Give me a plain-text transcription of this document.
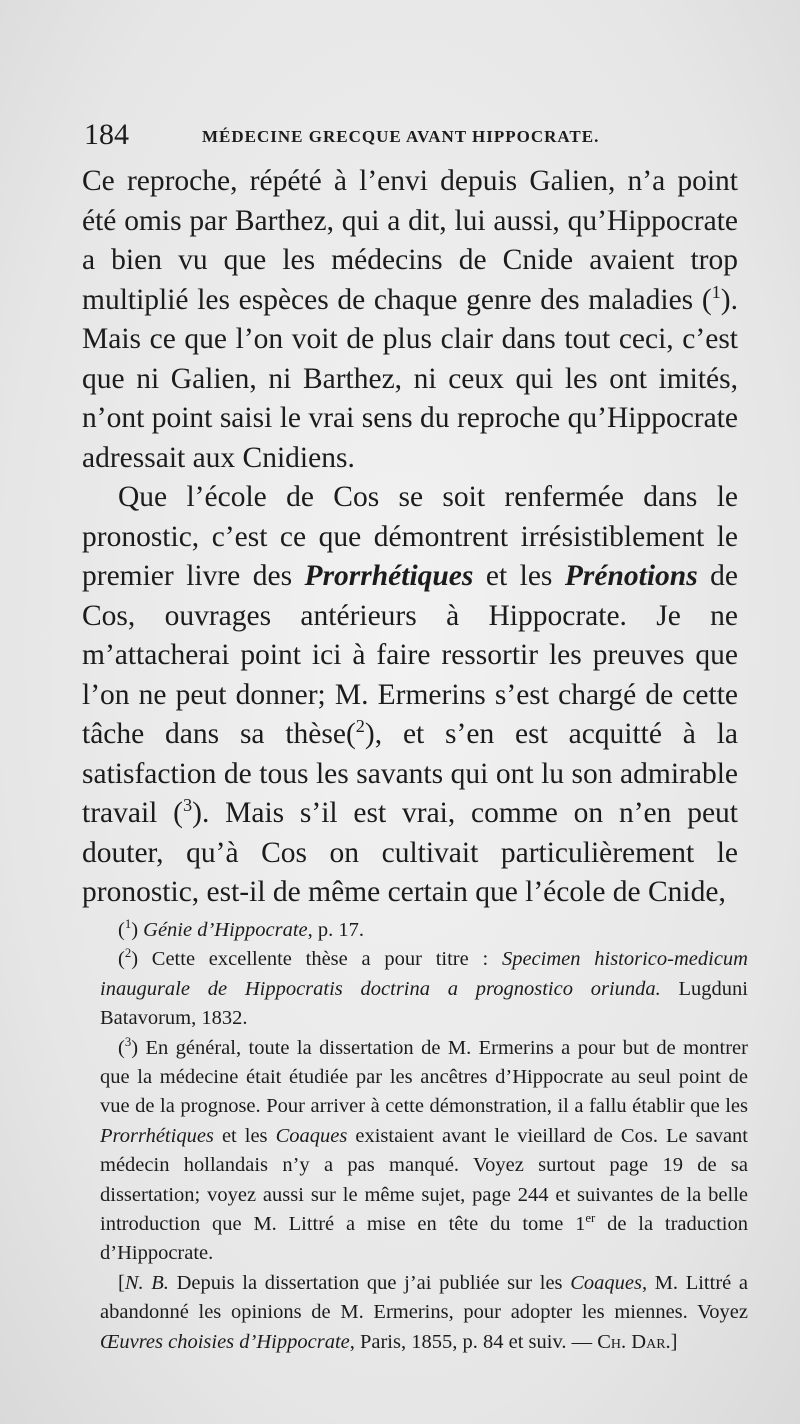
184	MÉDECINE GRECQUE AVANT HIPPOCRATE.

Ce reproche, répété à l’envi depuis Galien, n’a point été omis par Barthez, qui a dit, lui aussi, qu’Hippocrate a bien vu que les médecins de Cnide avaient trop multiplié les espèces de chaque genre des maladies ($^1$). Mais ce que l’on voit de plus clair dans tout ceci, c’est que ni Galien, ni Barthez, ni ceux qui les ont imités, n’ont point saisi le vrai sens du reproche qu’Hippocrate adressait aux Cnidiens.

Que l’école de Cos se soit renfermée dans le pronostic, c’est ce que démontrent irrésistiblement le premier livre des Prorrhétiques et les Prénotions de Cos, ouvrages antérieurs à Hippocrate. Je ne m’attacherai point ici à faire ressortir les preuves que l’on ne peut donner; M. Ermerins s’est chargé de cette tâche dans sa thèse($^2$), et s’en est acquitté à la satisfaction de tous les savants qui ont lu son admirable travail ($^3$). Mais s’il est vrai, comme on n’en peut douter, qu’à Cos on cultivait particulièrement le pronostic, est-il de même certain que l’école de Cnide,

($^1$) Génie d’Hippocrate, p. 17.

($^2$) Cette excellente thèse a pour titre : Specimen historico-medicum inaugurale de Hippocratis doctrina a prognostico oriunda. Lugduni Batavorum, 1832.

($^3$) En général, toute la dissertation de M. Ermerins a pour but de montrer que la médecine était étudiée par les ancêtres d’Hippocrate au seul point de vue de la prognose. Pour arriver à cette démonstration, il a fallu établir que les Prorrhétiques et les Coaques existaient avant le vieillard de Cos. Le savant médecin hollandais n’y a pas manqué. Voyez surtout page 19 de sa dissertation; voyez aussi sur le même sujet, page 244 et suivantes de la belle introduction que M. Littré a mise en tête du tome 1er de la traduction d’Hippocrate.

[N. B. Depuis la dissertation que j’ai publiée sur les Coaques, M. Littré a abandonné les opinions de M. Ermerins, pour adopter les miennes. Voyez Œuvres choisies d’Hippocrate, Paris, 1855, p. 84 et suiv. — Ch. Dar.]
